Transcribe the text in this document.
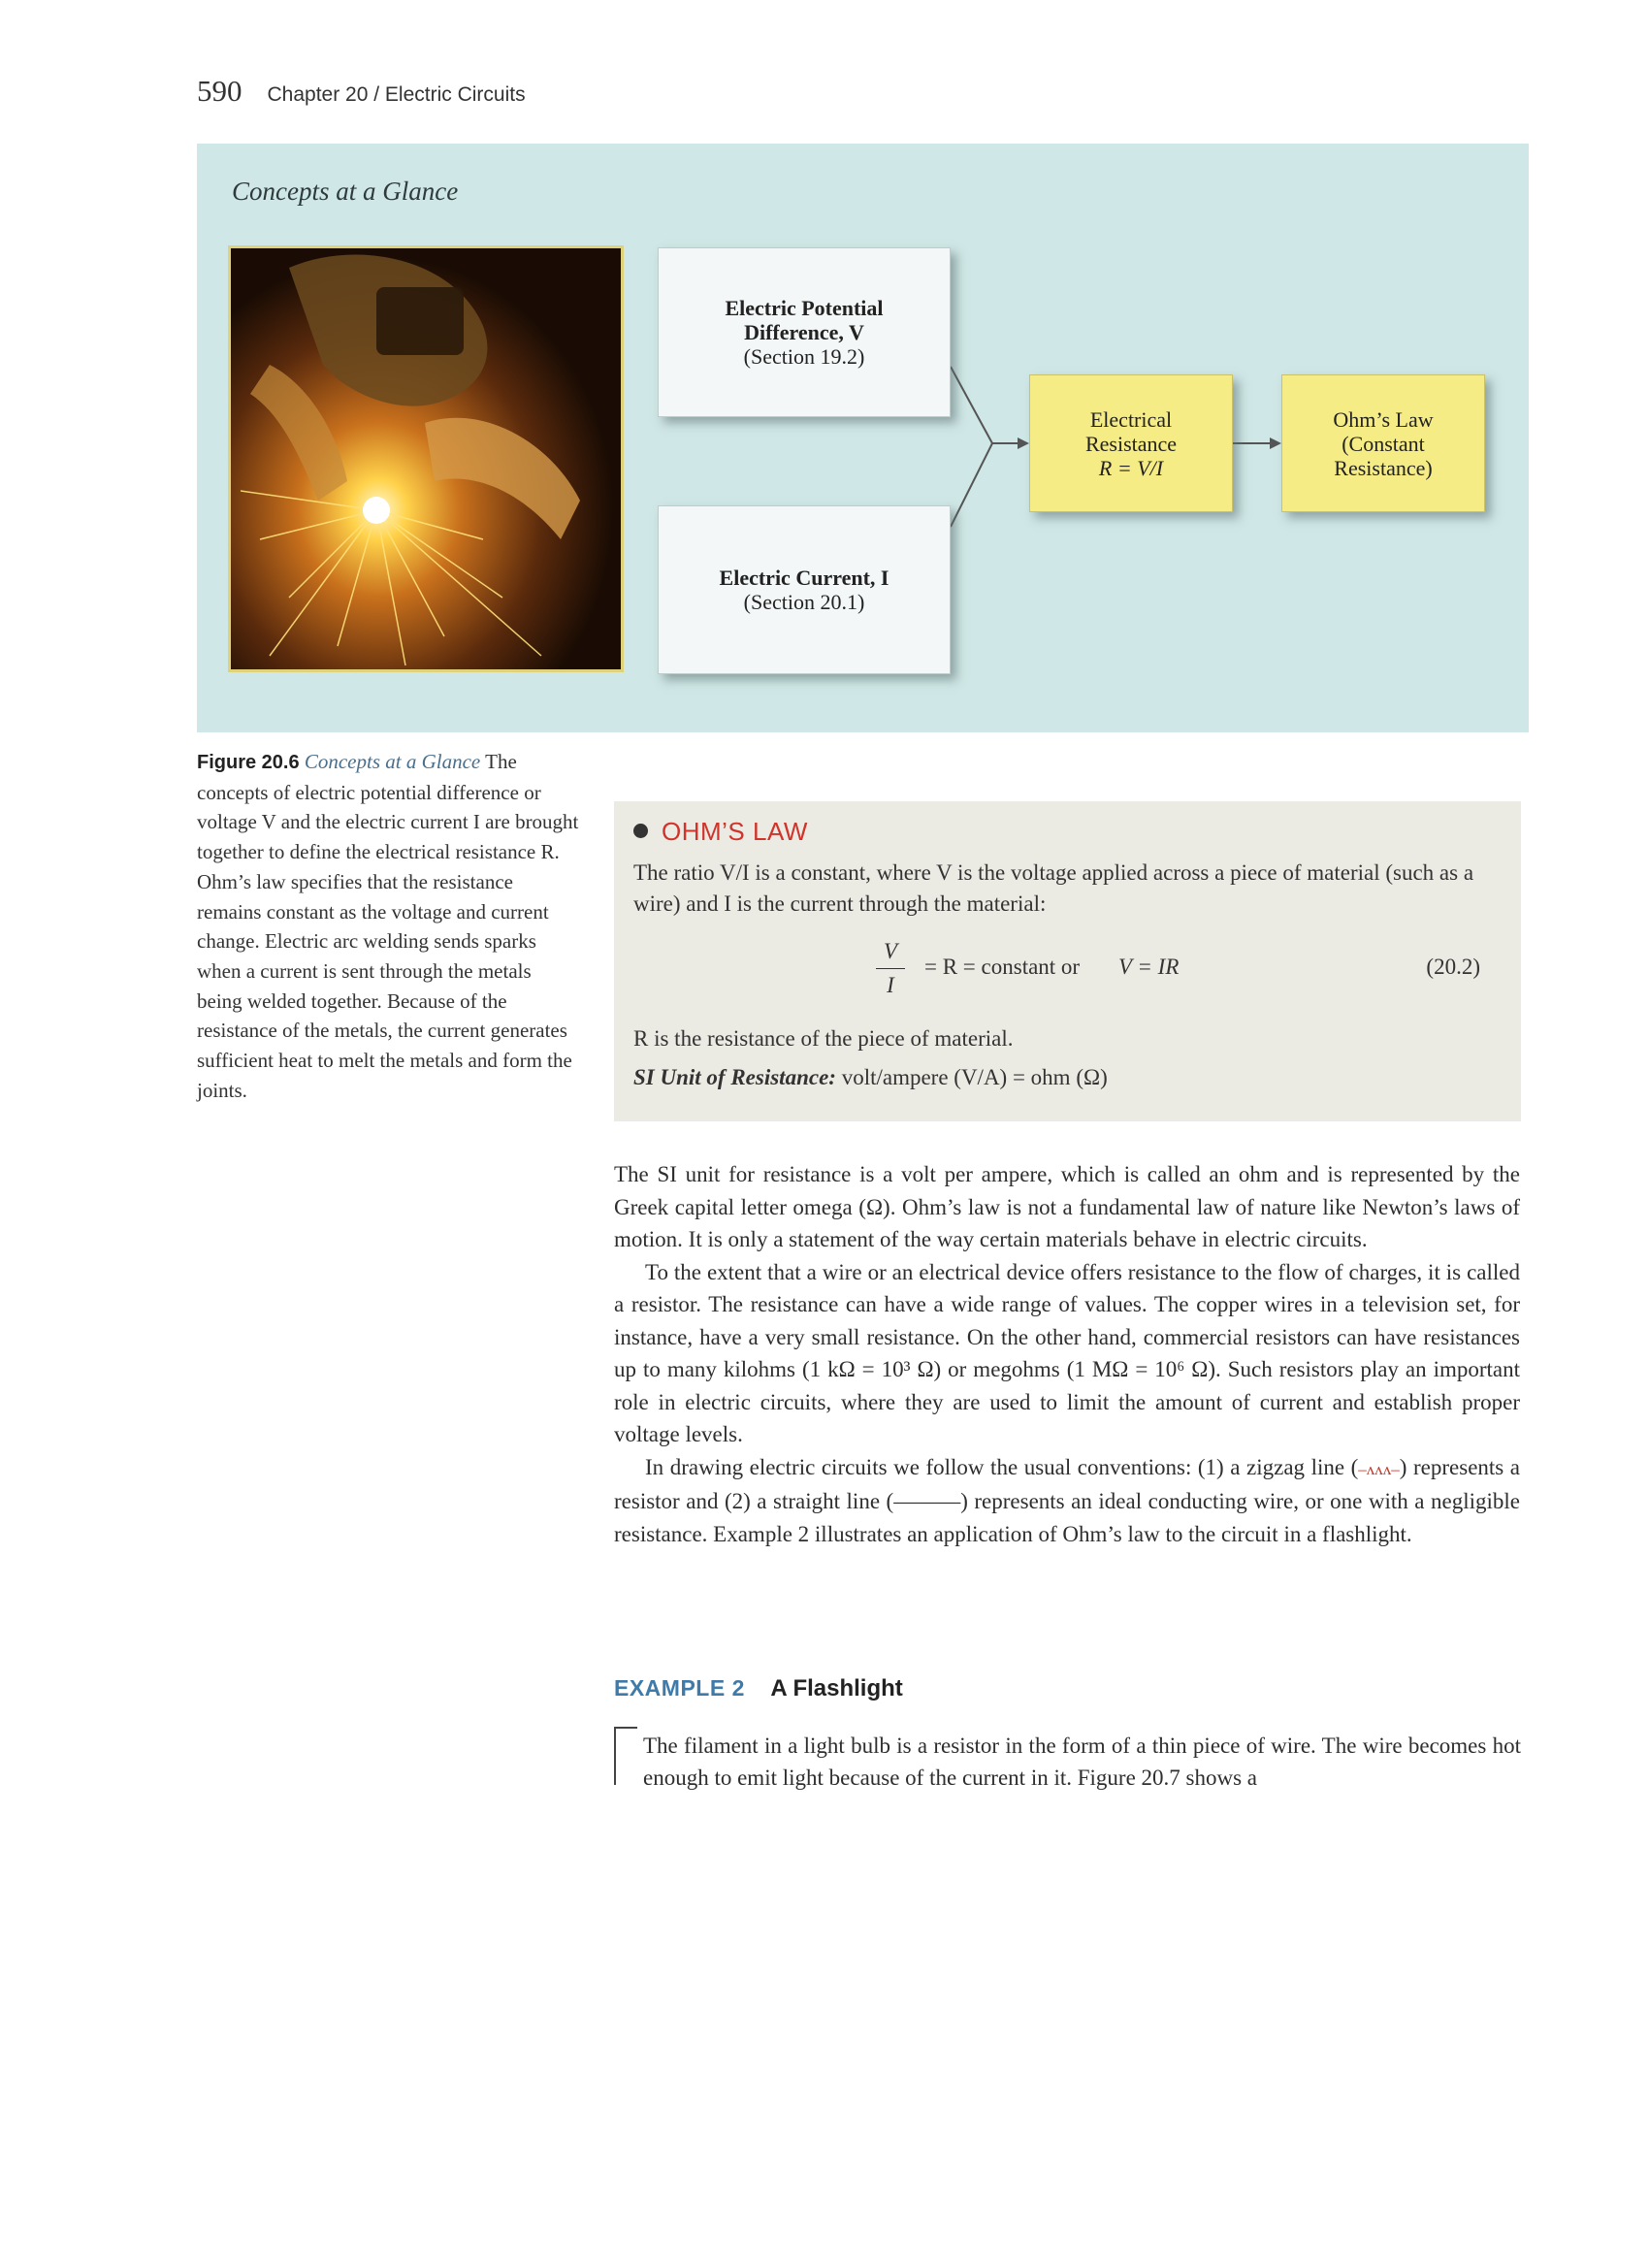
590 Chapter 20 / Electric Circuits
Concepts at a Glance
Electric Potential
Difference, V
(Section 19.2)
Electric Current, I
(Section 20.1)
Electrical
Resistance
R = V/I
Ohm’s Law
(Constant
Resistance)
Figure 20.6 Concepts at a Glance The concepts of electric potential difference or voltage V and the electric current I are brought together to define the electrical resistance R. Ohm’s law specifies that the resistance remains constant as the voltage and current change. Electric arc welding sends sparks when a current is sent through the metals being welded together. Because of the resistance of the metals, the current generates sufficient heat to melt the metals and form the joints.
OHM’S LAW
The ratio V/I is a constant, where V is the voltage applied across a piece of material (such as a wire) and I is the current through the material:
V
I
= R = constant or V = IR	(20.2)
R is the resistance of the piece of material.
SI Unit of Resistance: volt/ampere (V/A) = ohm (Ω)

The SI unit for resistance is a volt per ampere, which is called an ohm and is represented by the Greek capital letter omega (Ω). Ohm’s law is not a fundamental law of nature like Newton’s laws of motion. It is only a statement of the way certain materials behave in electric circuits.

To the extent that a wire or an electrical device offers resistance to the flow of charges, it is called a resistor. The resistance can have a wide range of values. The copper wires in a television set, for instance, have a very small resistance. On the other hand, commercial resistors can have resistances up to many kilohms (1 kΩ = 10³ Ω) or megohms (1 MΩ = 10⁶ Ω). Such resistors play an important role in electric circuits, where they are used to limit the amount of current and establish proper voltage levels.

In drawing electric circuits we follow the usual conventions: (1) a zigzag line (–ᴧᴧᴧ–) represents a resistor and (2) a straight line (———) represents an ideal conducting wire, or one with a negligible resistance. Example 2 illustrates an application of Ohm’s law to the circuit in a flashlight.

EXAMPLE 2 A Flashlight
The filament in a light bulb is a resistor in the form of a thin piece of wire. The wire becomes hot enough to emit light because of the current in it. Figure 20.7 shows a
